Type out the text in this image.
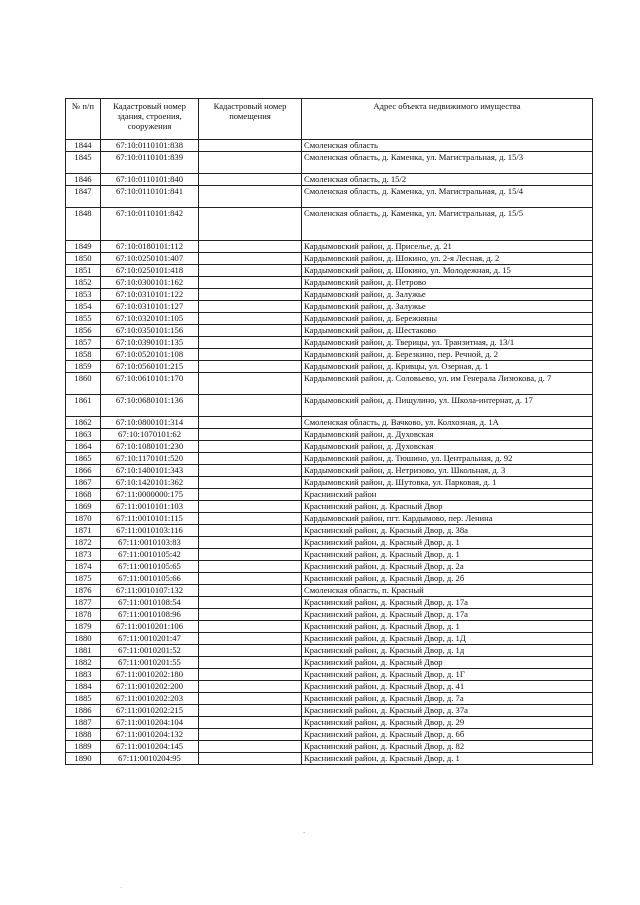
№ п/п	Кадастровый номер здания, строения, сооружения	Кадастровый номер помещения	Адрес объекта недвижимого имущества
1844	67:10:0110101:838		Смоленская область
1845	67:10:0110101:839		Смоленская область, д. Каменка, ул. Магистральная, д. 15/3
1846	67:10:0110101:840		Смоленская область, д. 15/2
1847	67:10:0110101:841		Смоленская область, д. Каменка, ул. Магистральная, д. 15/4
1848	67:10:0110101:842		Смоленская область, д. Каменка, ул. Магистральная, д. 15/5
1849	67:10:0180101:112		Кардымовский район, д. Приселье, д. 21
1850	67:10:0250101:407		Кардымовский район, д. Шокино, ул. 2-я Лесная, д. 2
1851	67:10:0250101:418		Кардымовский район, д. Шокино, ул. Молодежная, д. 15
1852	67:10:0300101:162		Кардымовский район, д. Петрово
1853	67:10:0310101:122		Кардымовский район, д. Залужье
1854	67:10:0310101:127		Кардымовский район, д. Залужье
1855	67:10:0320101:105		Кардымовский район, д. Бережняны
1856	67:10:0350101:156		Кардымовский район, д. Шестаково
1857	67:10:0390101:135		Кардымовский район, д. Тверицы, ул. Транзитная, д. 13/1
1858	67:10:0520101:108		Кардымовский район, д. Березкино, пер. Речной, д. 2
1859	67:10:0560101:215		Кардымовский район, д. Кривцы, ул. Озерная, д. 1
1860	67:10:0610101:170		Кардымовский район, д. Соловьево, ул. им Генерала Лизюкова, д. 7
1861	67:10:0680101:136		Кардымовский район, д. Пищулино, ул. Школа-интернат, д. 17
1862	67:10:0800101:314		Смоленская область, д. Вачково, ул. Колхозная, д. 1А
1863	67:10:1070101:62		Кардымовский район, д. Духовская
1864	67:10:1080101:230		Кардымовский район, д. Духовская
1865	67:10:1170101:520		Кардымовский район, д. Тюшино, ул. Центральная, д. 92
1866	67:10:1400101:343		Кардымовский район, д. Нетризово, ул. Школьная, д. 3
1867	67:10:1420101:362		Кардымовский район, д. Шутовка, ул. Парковая, д. 1
1868	67:11:0000000:175		Краснинский район
1869	67:11:0010101:103		Краснинский район, д. Красный Двор
1870	67:11:0010101:115		Кардымовский район, пгт. Кардымово, пер. Ленина
1871	67:11:0010103:116		Краснинский район, д. Красный Двор, д. 38а
1872	67:11:0010103:83		Краснинский район, д. Красный Двор, д. 1
1873	67:11:0010105:42		Краснинский район, д. Красный Двор, д. 1
1874	67:11:0010105:65		Краснинский район, д. Красный Двор, д. 2а
1875	67:11:0010105:66		Краснинский район, д. Красный Двор, д. 2б
1876	67:11:0010107:132		Смоленская область, п. Красный
1877	67:11:0010108:54		Краснинский район, д. Красный Двор, д. 17а
1878	67:11:0010108:96		Краснинский район, д. Красный Двор, д. 17а
1879	67:11:0010201:106		Краснинский район, д. Красный Двор, д. 1
1880	67:11:0010201:47		Краснинский район, д. Красный Двор, д. 1Д
1881	67:11:0010201:52		Краснинский район, д. Красный Двор, д. 1д
1882	67:11:0010201:55		Краснинский район, д. Красный Двор
1883	67:11:0010202:180		Краснинский район, д. Красный Двор, д. 1Г
1884	67:11:0010202:200		Краснинский район, д. Красный Двор, д. 41
1885	67:11:0010202:203		Краснинский район, д. Красный Двор, д. 7а
1886	67:11:0010202:215		Краснинский район, д. Красный Двор, д. 37а
1887	67:11:0010204:104		Краснинский район, д. Красный Двор, д. 29
1888	67:11:0010204:132		Краснинский район, д. Красный Двор, д. 6б
1889	67:11:0010204:145		Краснинский район, д. Красный Двор, д. 82
1890	67:11:0010204:95		Краснинский район, д. Красный Двор, д. 1
ˑ
ˑ
